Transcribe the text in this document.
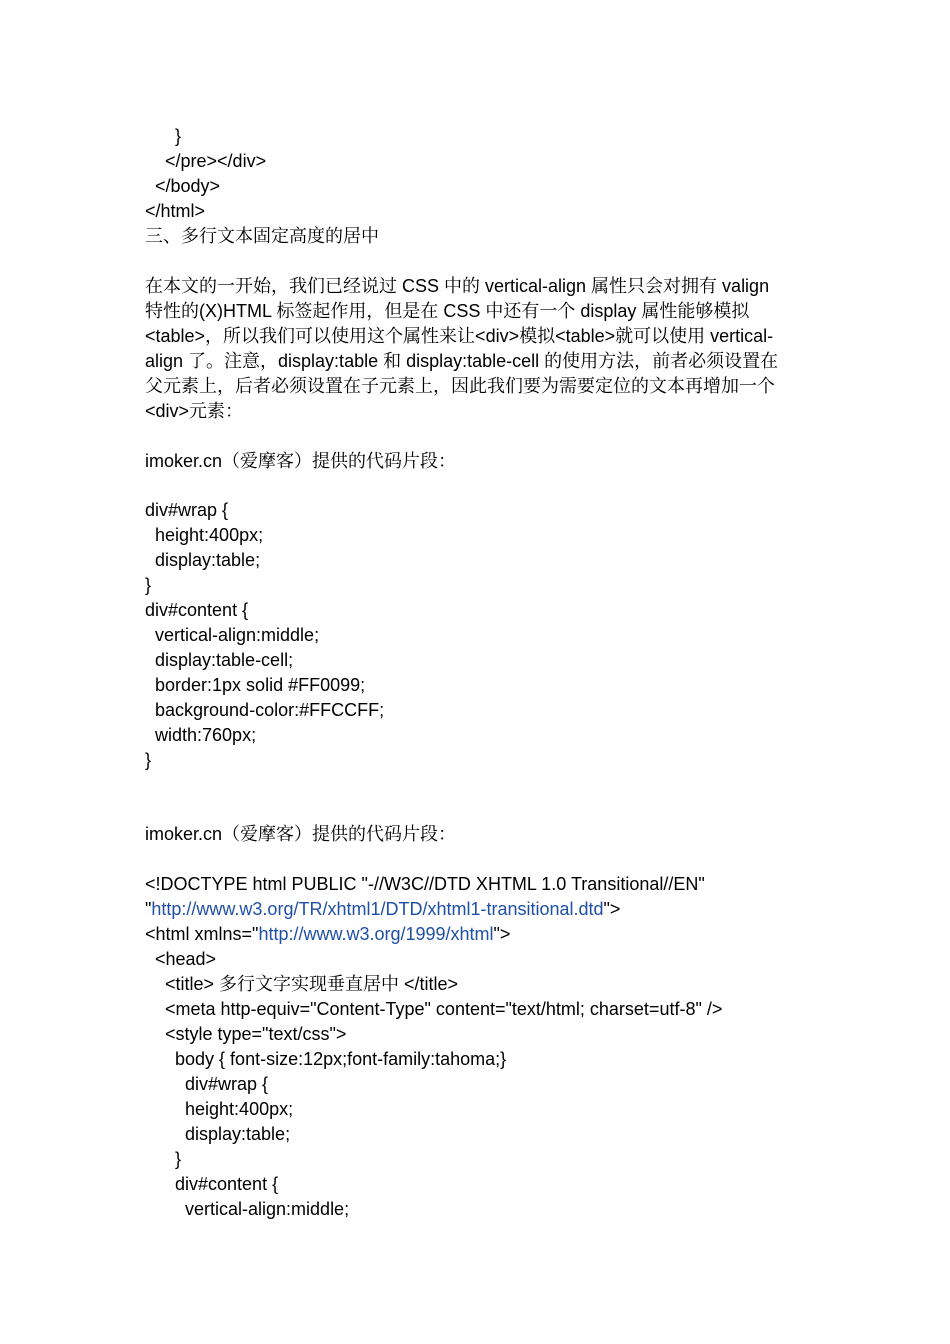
}
</pre></div>
</body>
</html>
三、多行文本固定高度的居中
在本文的一开始，我们已经说过 CSS 中的 vertical-align 属性只会对拥有 valign
特性的(X)HTML 标签起作用，但是在 CSS 中还有一个 display 属性能够模拟
<table>，所以我们可以使用这个属性来让<div>模拟<table>就可以使用 vertical-
align 了。注意，display:table 和 display:table-cell 的使用方法，前者必须设置在
父元素上，后者必须设置在子元素上，因此我们要为需要定位的文本再增加一个
<div>元素：
imoker.cn（爱摩客）提供的代码片段：
div#wrap {
height:400px;
display:table;
}
div#content {
vertical-align:middle;
display:table-cell;
border:1px solid #FF0099;
background-color:#FFCCFF;
width:760px;
}
imoker.cn（爱摩客）提供的代码片段：
<!DOCTYPE html PUBLIC "-//W3C//DTD XHTML 1.0 Transitional//EN"
"http://www.w3.org/TR/xhtml1/DTD/xhtml1-transitional.dtd">
<html xmlns="http://www.w3.org/1999/xhtml">
<head>
<title> 多行文字实现垂直居中 </title>
<meta http-equiv="Content-Type" content="text/html; charset=utf-8" />
<style type="text/css">
body { font-size:12px;font-family:tahoma;}
div#wrap {
height:400px;
display:table;
}
div#content {
vertical-align:middle;
